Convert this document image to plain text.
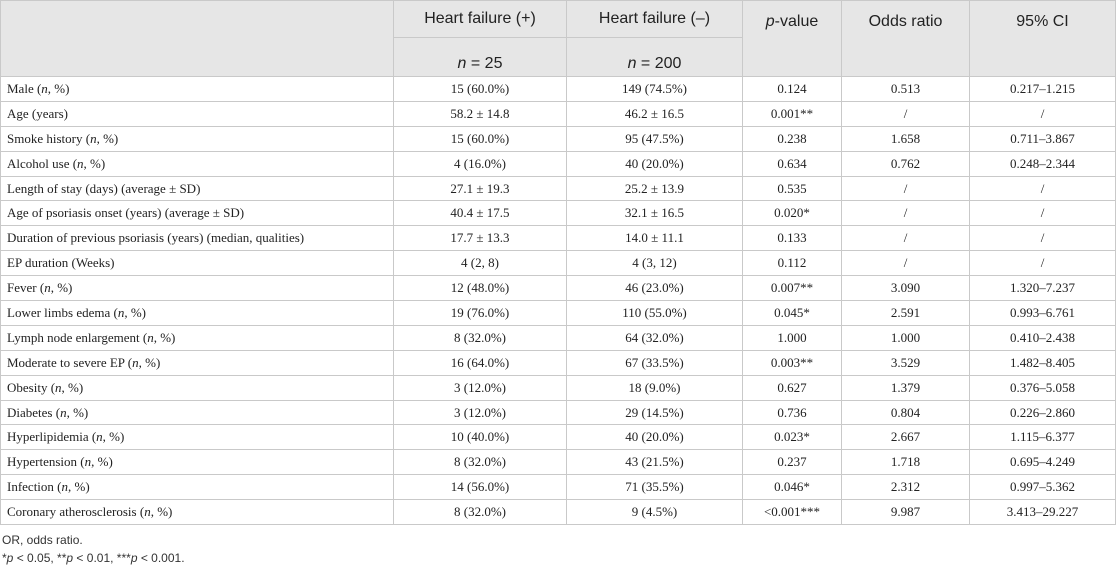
	Heart failure (+)	Heart failure (–)	p-value	Odds ratio	95% CI
	n = 25	n = 200			
Male (n, %)	15 (60.0%)	149 (74.5%)	0.124	0.513	0.217–1.215
Age (years)	58.2 ± 14.8	46.2 ± 16.5	0.001**	/	/
Smoke history (n, %)	15 (60.0%)	95 (47.5%)	0.238	1.658	0.711–3.867
Alcohol use (n, %)	4 (16.0%)	40 (20.0%)	0.634	0.762	0.248–2.344
Length of stay (days) (average ± SD)	27.1 ± 19.3	25.2 ± 13.9	0.535	/	/
Age of psoriasis onset (years) (average ± SD)	40.4 ± 17.5	32.1 ± 16.5	0.020*	/	/
Duration of previous psoriasis (years) (median, qualities)	17.7 ± 13.3	14.0 ± 11.1	0.133	/	/
EP duration (Weeks)	4 (2, 8)	4 (3, 12)	0.112	/	/
Fever (n, %)	12 (48.0%)	46 (23.0%)	0.007**	3.090	1.320–7.237
Lower limbs edema (n, %)	19 (76.0%)	110 (55.0%)	0.045*	2.591	0.993–6.761
Lymph node enlargement (n, %)	8 (32.0%)	64 (32.0%)	1.000	1.000	0.410–2.438
Moderate to severe EP (n, %)	16 (64.0%)	67 (33.5%)	0.003**	3.529	1.482–8.405
Obesity (n, %)	3 (12.0%)	18 (9.0%)	0.627	1.379	0.376–5.058
Diabetes (n, %)	3 (12.0%)	29 (14.5%)	0.736	0.804	0.226–2.860
Hyperlipidemia (n, %)	10 (40.0%)	40 (20.0%)	0.023*	2.667	1.115–6.377
Hypertension (n, %)	8 (32.0%)	43 (21.5%)	0.237	1.718	0.695–4.249
Infection (n, %)	14 (56.0%)	71 (35.5%)	0.046*	2.312	0.997–5.362
Coronary atherosclerosis (n, %)	8 (32.0%)	9 (4.5%)	<0.001***	9.987	3.413–29.227
OR, odds ratio.
*p < 0.05, **p < 0.01, ***p < 0.001.
